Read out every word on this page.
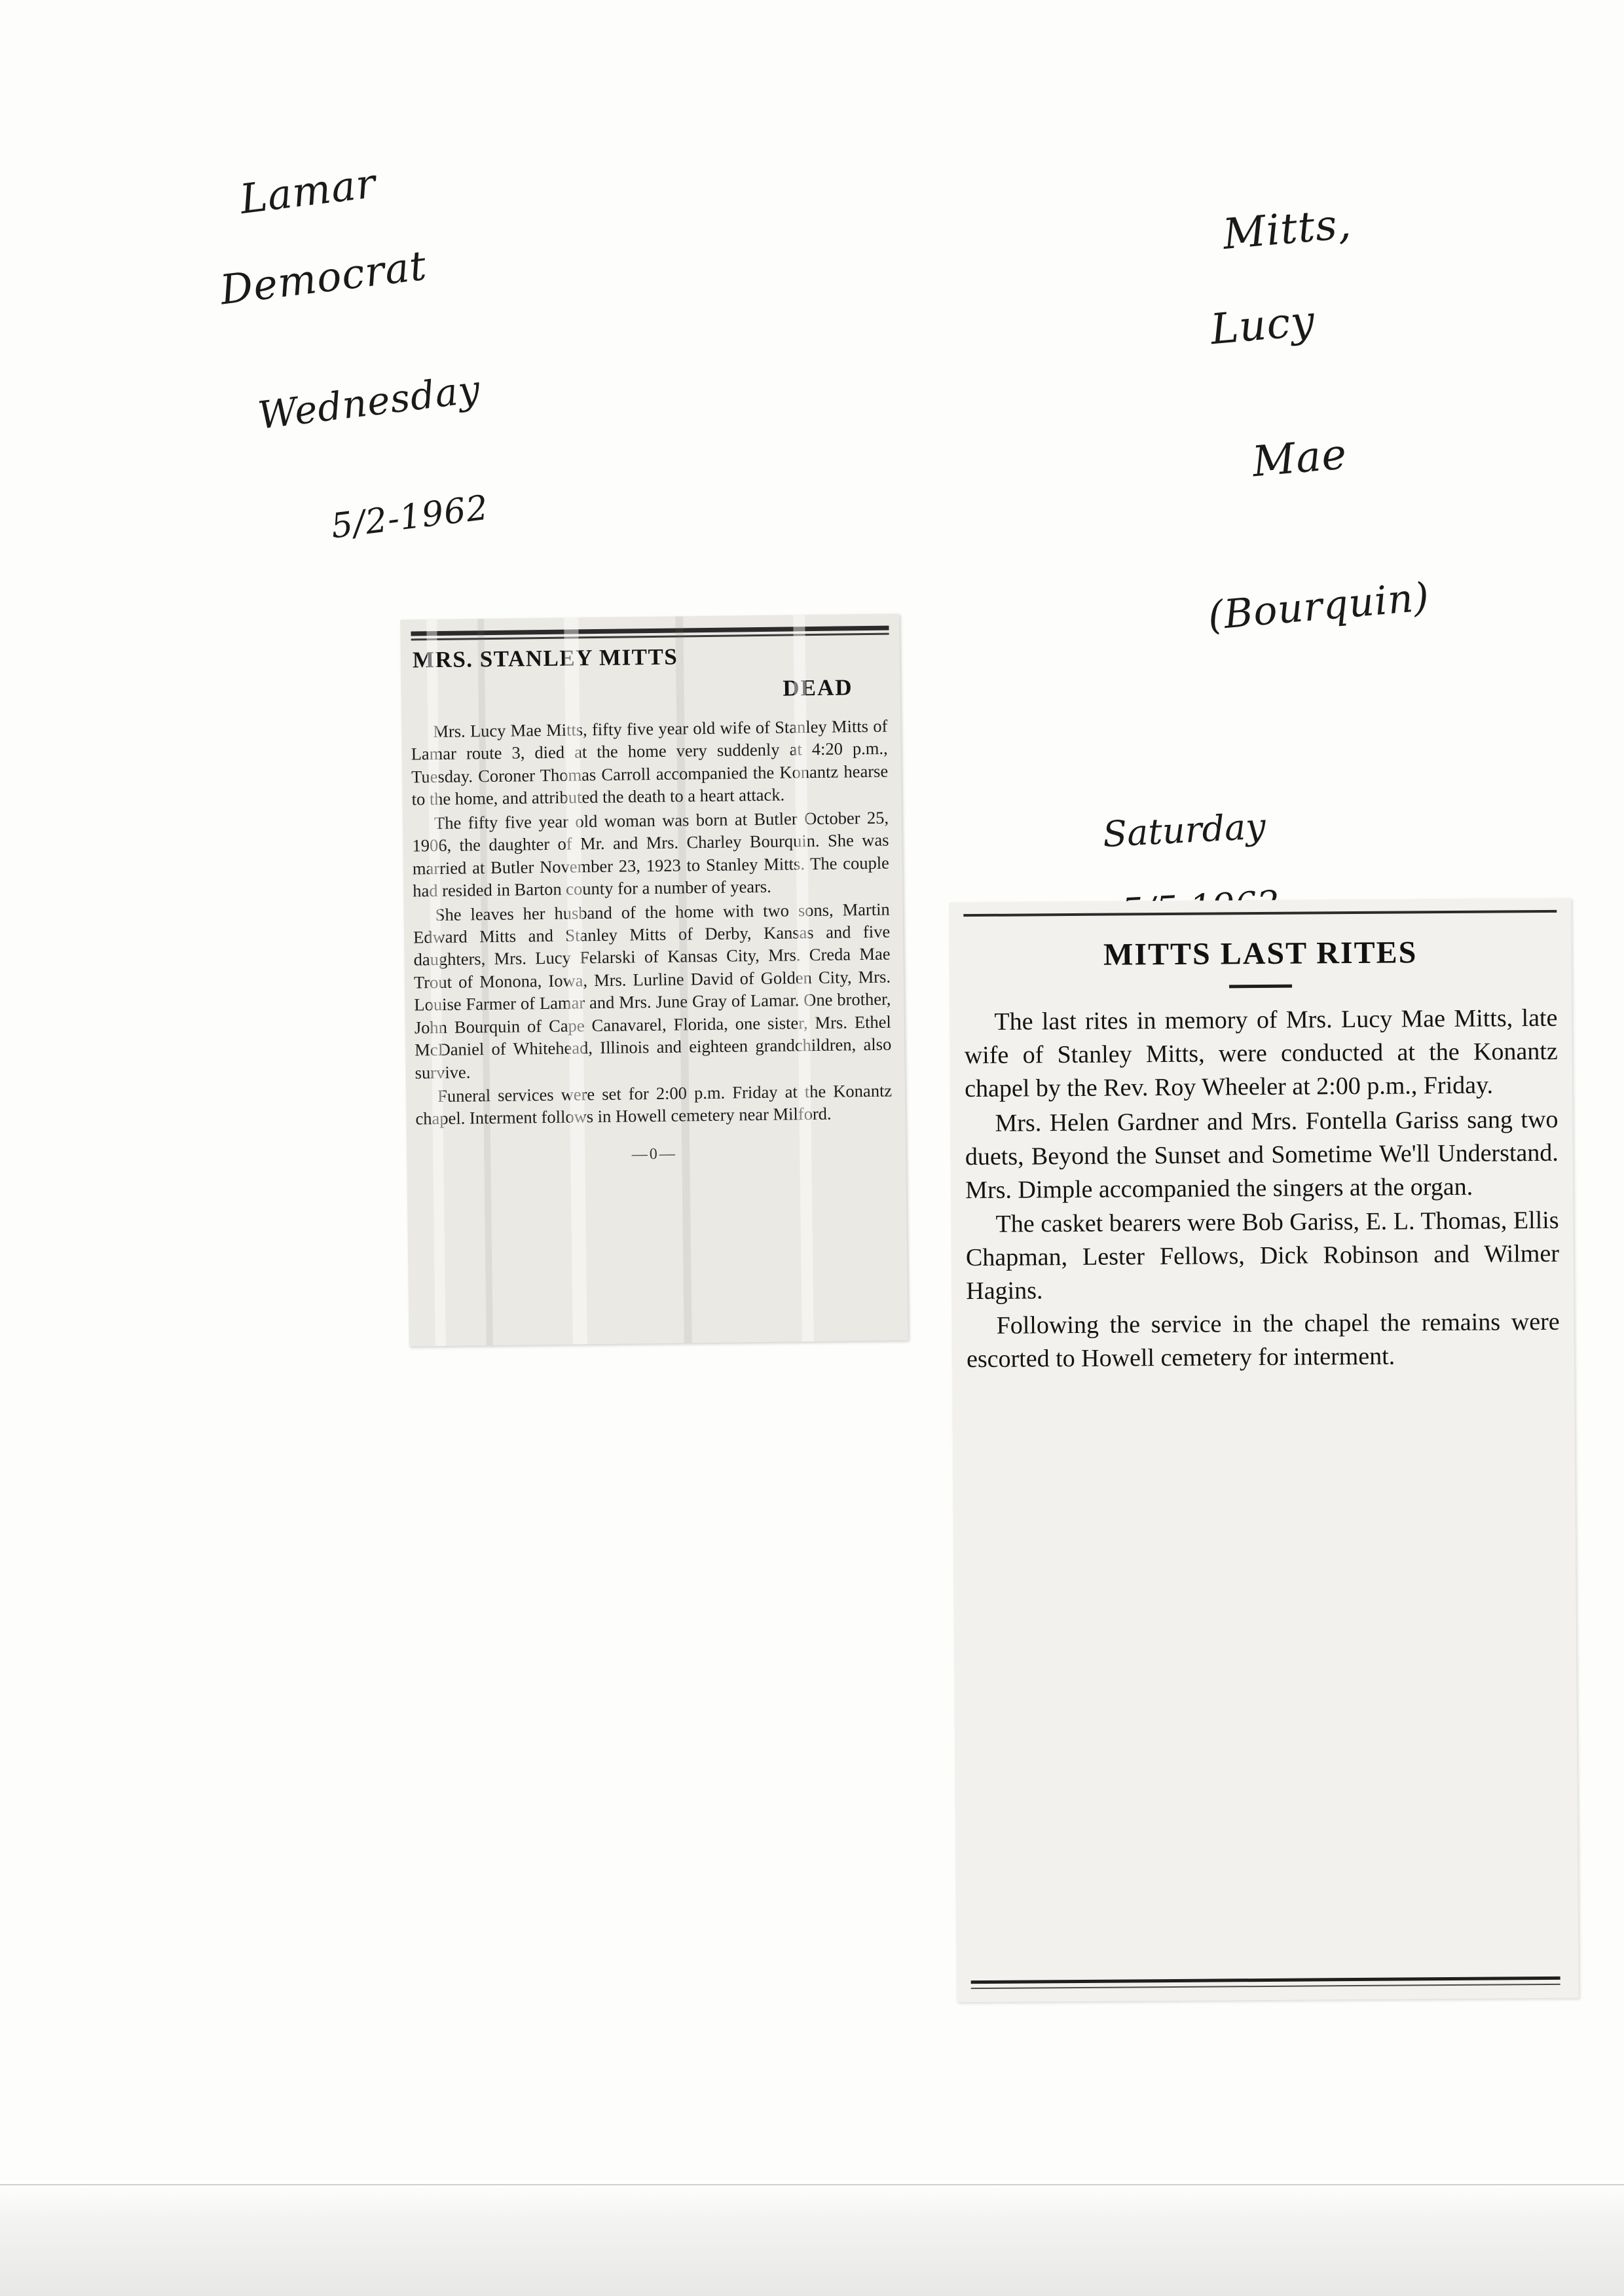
Lamar

Democrat

Wednesday

5/2-1962

Mitts,

Lucy

Mae

(Bourquin)

Saturday

MRS. STANLEY MITTS
DEAD

Mrs. Lucy Mae Mitts, fifty five year old wife of Stanley Mitts of Lamar route 3, died at the home very suddenly at 4:20 p.m., Tuesday. Coroner Thomas Carroll accompanied the Konantz hearse to the home, and attributed the death to a heart attack.

The fifty five year old woman was born at Butler October 25, 1906, the daughter of Mr. and Mrs. Charley Bourquin. She was married at Butler November 23, 1923 to Stanley Mitts. The couple had resided in Barton county for a number of years.

She leaves her husband of the home with two sons, Martin Edward Mitts and Stanley Mitts of Derby, Kansas and five daughters, Mrs. Lucy Felarski of Kansas City, Mrs. Creda Mae Trout of Monona, Iowa, Mrs. Lurline David of Golden City, Mrs. Louise Farmer of Lamar and Mrs. June Gray of Lamar. One brother, John Bourquin of Cape Canavarel, Florida, one sister, Mrs. Ethel McDaniel of Whitehead, Illinois and eighteen grandchildren, also survive.

Funeral services were set for 2:00 p.m. Friday at the Konantz chapel. Interment follows in Howell cemetery near Milford.

—0—
MITTS LAST RITES

The last rites in memory of Mrs. Lucy Mae Mitts, late wife of Stanley Mitts, were conducted at the Konantz chapel by the Rev. Roy Wheeler at 2:00 p.m., Friday.

Mrs. Helen Gardner and Mrs. Fontella Gariss sang two duets, Beyond the Sunset and Sometime We'll Understand. Mrs. Dimple accompanied the singers at the organ.

The casket bearers were Bob Gariss, E. L. Thomas, Ellis Chapman, Lester Fellows, Dick Robinson and Wilmer Hagins.

Following the service in the chapel the remains were escorted to Howell cemetery for interment.
